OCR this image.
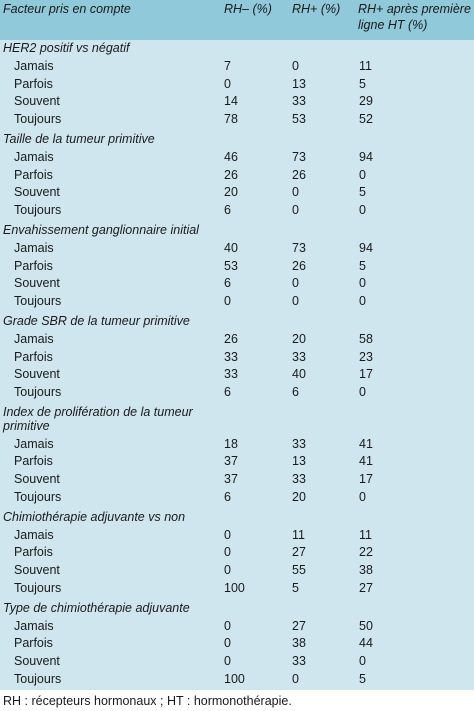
Facteur pris en compte	RH– (%) RH+ (%) RH+ après première
ligne HT (%)
HER2 positif vs négatif
Jamais	7	0	11
Parfois	0	13	5
Souvent	14	33	29
Toujours	78	53	52
Taille de la tumeur primitive
Jamais	46	73	94
Parfois	26	26	0
Souvent	20	0	5
Toujours	6	0	0
Envahissement ganglionnaire initial
Jamais	40	73	94
Parfois	53	26	5
Souvent	6	0	0
Toujours	0	0	0
Grade SBR de la tumeur primitive
Jamais	26	20	58
Parfois	33	33	23
Souvent	33	40	17
Toujours	6	6	0
Index de prolifération de la tumeur
primitive
Jamais	18	33	41
Parfois	37	13	41
Souvent	37	33	17
Toujours	6	20	0
Chimiothérapie adjuvante vs non
Jamais	0	11	11
Parfois	0	27	22
Souvent	0	55	38
Toujours	100	5	27
Type de chimiothérapie adjuvante
Jamais	0	27	50
Parfois	0	38	44
Souvent	0	33	0
Toujours	100	0	5
RH : récepteurs hormonaux ; HT : hormonothérapie.
